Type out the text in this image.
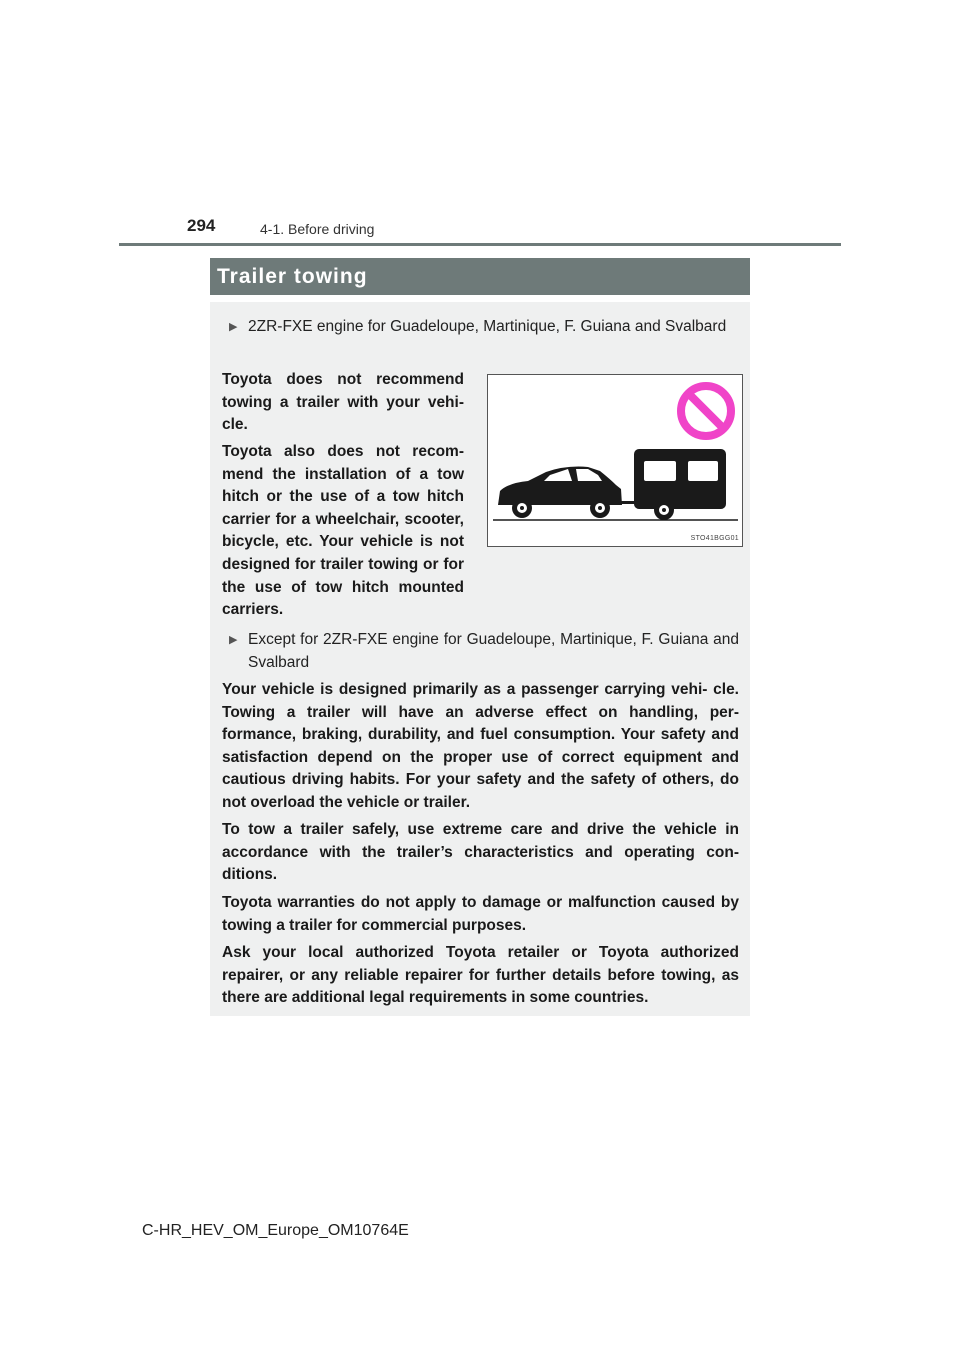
294	4-1. Before driving
Trailer towing
▶ 2ZR-FXE engine for Guadeloupe, Martinique, F. Guiana and Svalbard
Toyota does not recommend towing a trailer with your vehi- cle.
Toyota also does not recom- mend the installation of a tow hitch or the use of a tow hitch carrier for a wheelchair, scooter, bicycle, etc. Your vehicle is not designed for trailer towing or for the use of tow hitch mounted carriers.
STO41BGG01
▶ Except for 2ZR-FXE engine for Guadeloupe, Martinique, F. Guiana and Svalbard
Your vehicle is designed primarily as a passenger carrying vehi- cle. Towing a trailer will have an adverse effect on handling, per- formance, braking, durability, and fuel consumption. Your safety and satisfaction depend on the proper use of correct equipment and cautious driving habits. For your safety and the safety of others, do not overload the vehicle or trailer.
To tow a trailer safely, use extreme care and drive the vehicle in accordance with the trailer’s characteristics and operating con- ditions.
Toyota warranties do not apply to damage or malfunction caused by towing a trailer for commercial purposes.
Ask your local authorized Toyota retailer or Toyota authorized repairer, or any reliable repairer for further details before towing, as there are additional legal requirements in some countries.
C-HR_HEV_OM_Europe_OM10764E
